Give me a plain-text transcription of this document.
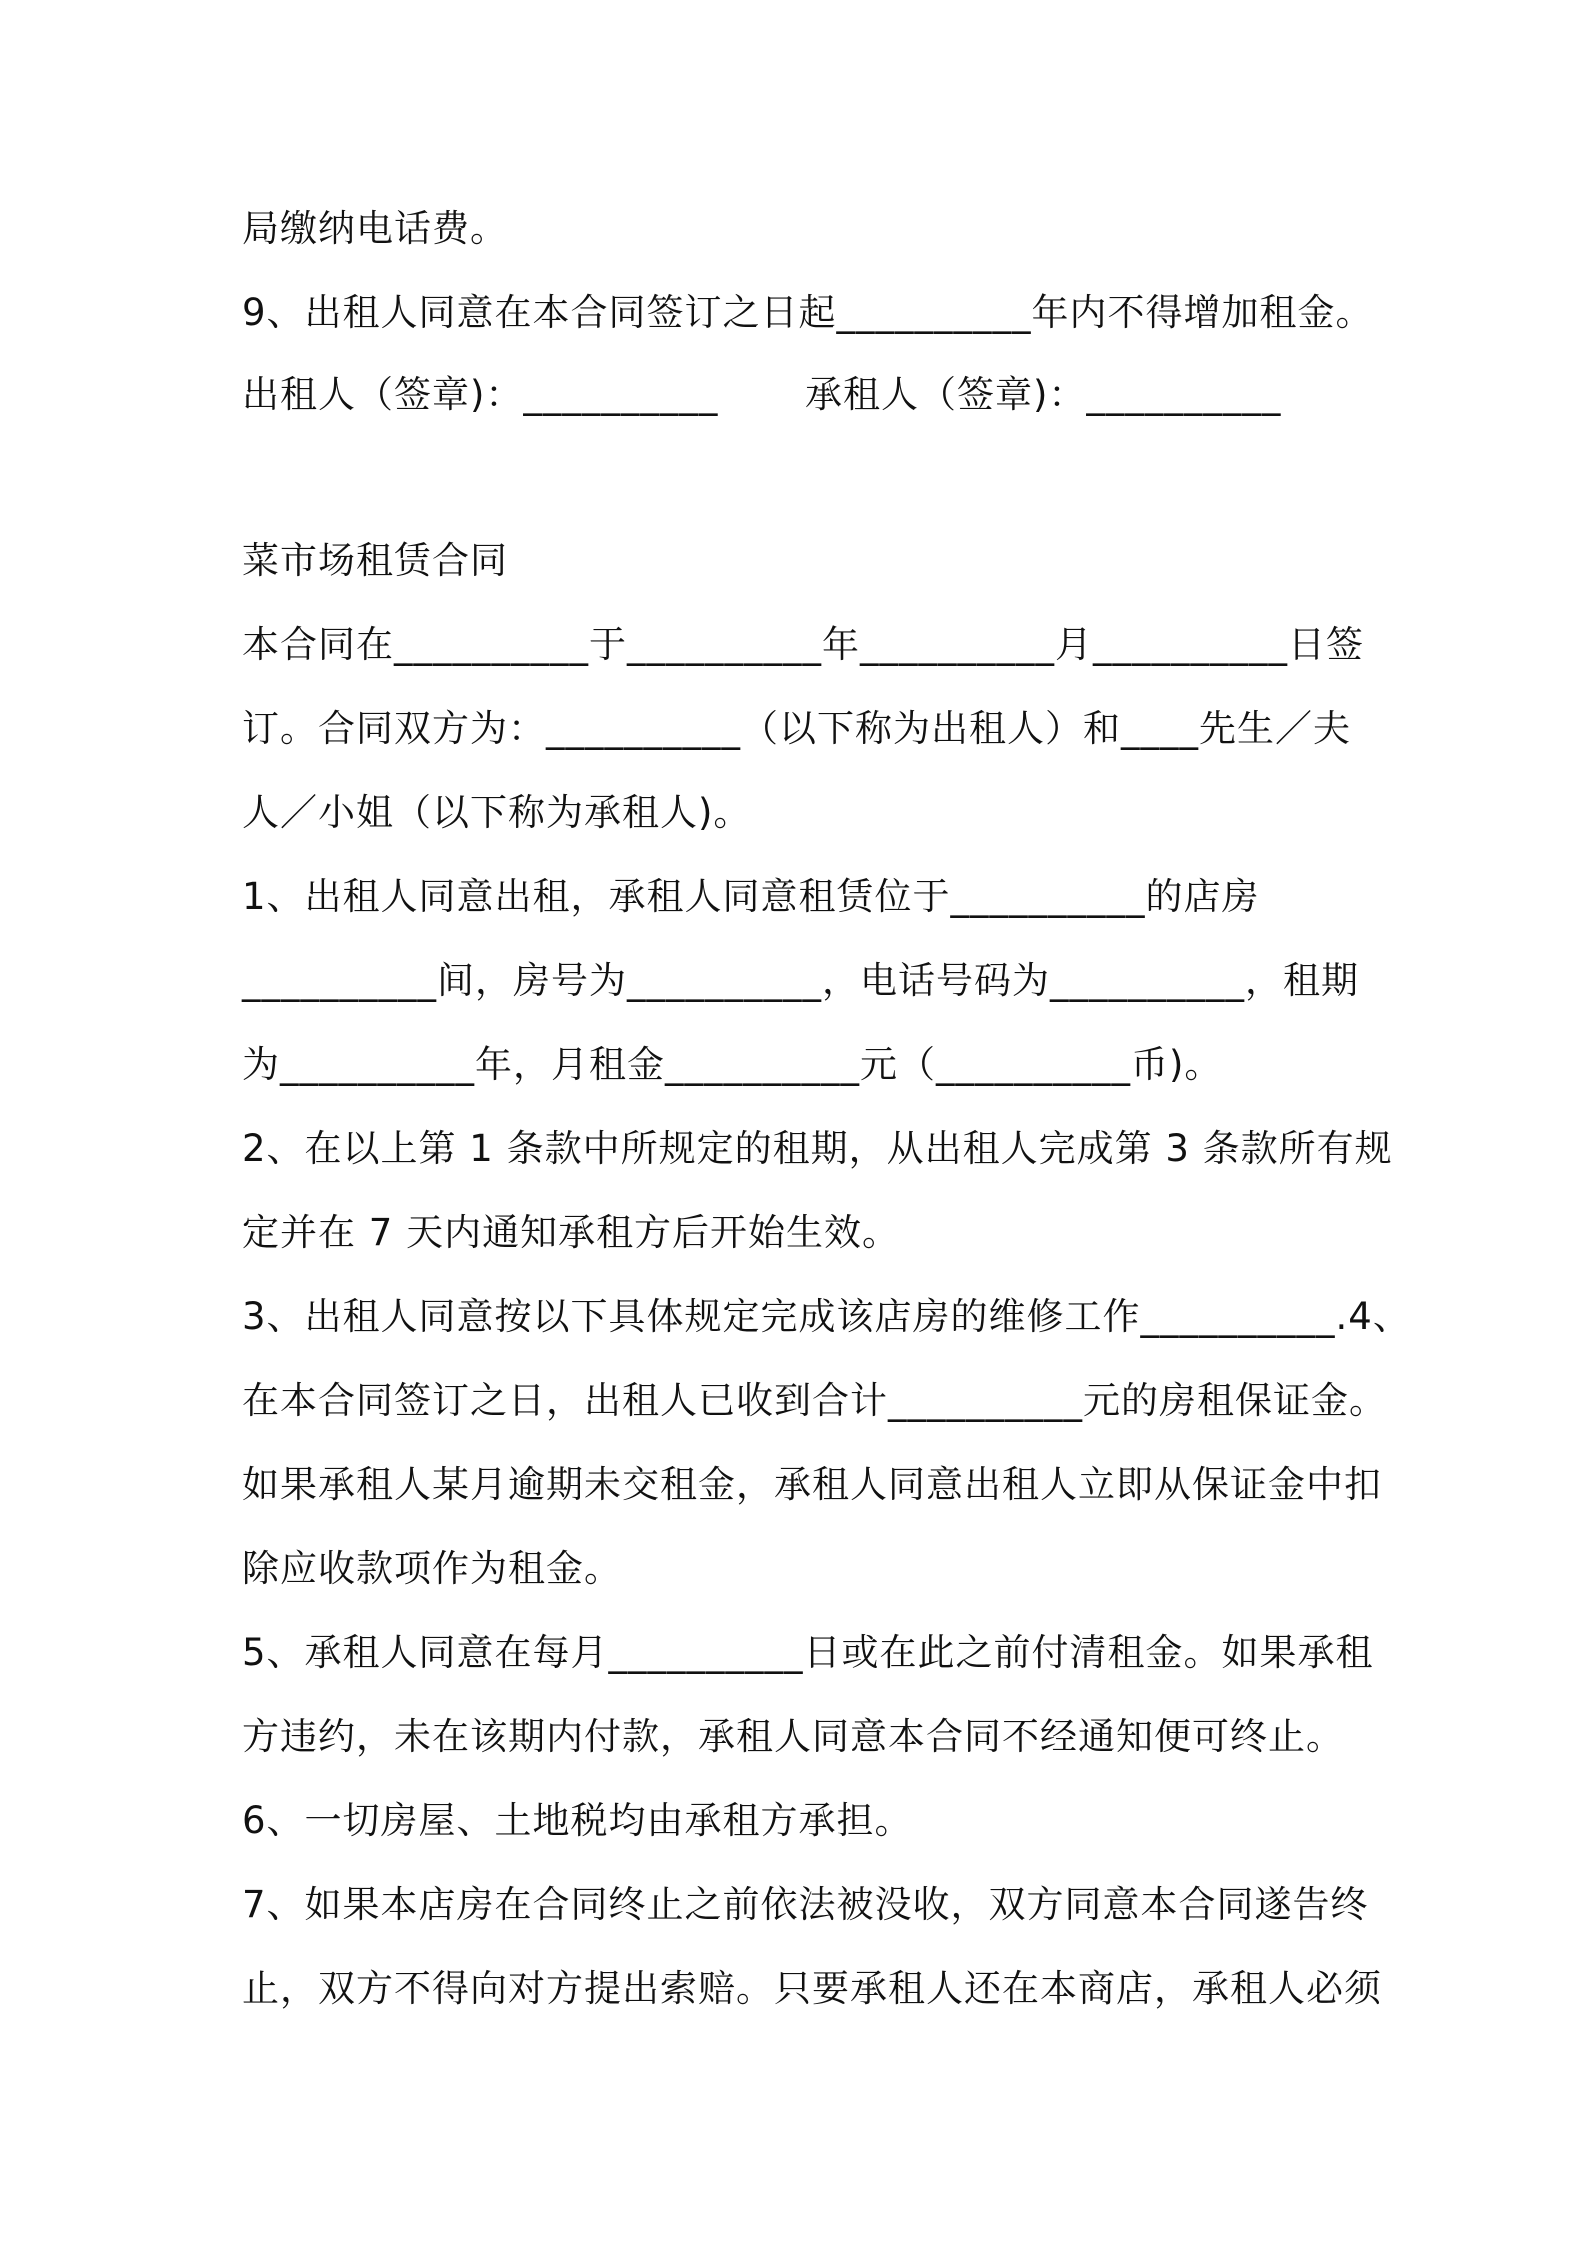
局缴纳电话费。
9、出租人同意在本合同签订之日起__________年内不得增加租金。
出租人（签章)：__________ 承租人（签章)：__________
菜市场租赁合同
本合同在__________于__________年__________月__________日签
订。合同双方为：__________（以下称为出租人）和____先生／夫
人／小姐（以下称为承租人)。
1、出租人同意出租，承租人同意租赁位于__________的店房
__________间，房号为__________，电话号码为__________，租期
为__________年，月租金__________元（__________币)。
2、在以上第 1 条款中所规定的租期，从出租人完成第 3 条款所有规
定并在 7 天内通知承租方后开始生效。
3、出租人同意按以下具体规定完成该店房的维修工作__________.4、
在本合同签订之日，出租人已收到合计__________元的房租保证金。
如果承租人某月逾期未交租金，承租人同意出租人立即从保证金中扣
除应收款项作为租金。
5、承租人同意在每月__________日或在此之前付清租金。如果承租
方违约，未在该期内付款，承租人同意本合同不经通知便可终止。
6、一切房屋、土地税均由承租方承担。
7、如果本店房在合同终止之前依法被没收，双方同意本合同遂告终
止，双方不得向对方提出索赔。只要承租人还在本商店，承租人必须
